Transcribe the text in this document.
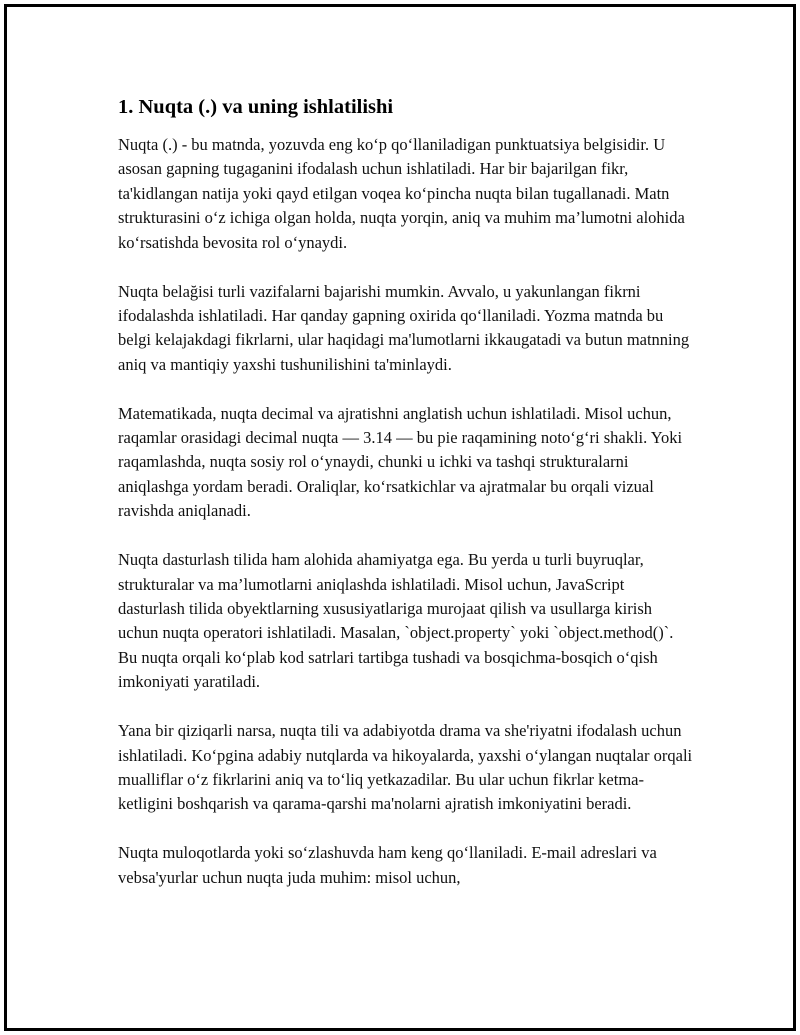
1. Nuqta (.) va uning ishlatilishi

Nuqta (.) - bu matnda, yozuvda eng ko‘p qo‘llaniladigan punktuatsiya belgisidir. U asosan gapning tugaganini ifodalash uchun ishlatiladi. Har bir bajarilgan fikr, ta'kidlangan natija yoki qayd etilgan voqea ko‘pincha nuqta bilan tugallanadi. Matn strukturasini o‘z ichiga olgan holda, nuqta yorqin, aniq va muhim ma’lumotni alohida ko‘rsatishda bevosita rol o‘ynaydi.

Nuqta belağisi turli vazifalarni bajarishi mumkin. Avvalo, u yakunlangan fikrni ifodalashda ishlatiladi. Har qanday gapning oxirida qo‘llaniladi. Yozma matnda bu belgi kelajakdagi fikrlarni, ular haqidagi ma'lumotlarni ikkaugatadi va butun matnning aniq va mantiqiy yaxshi tushunilishini ta'minlaydi.

Matematikada, nuqta decimal va ajratishni anglatish uchun ishlatiladi. Misol uchun, raqamlar orasidagi decimal nuqta — 3.14 — bu pie raqamining noto‘g‘ri shakli. Yoki raqamlashda, nuqta sosiy rol o‘ynaydi, chunki u ichki va tashqi strukturalarni aniqlashga yordam beradi. Oraliqlar, ko‘rsatkichlar va ajratmalar bu orqali vizual ravishda aniqlanadi.

Nuqta dasturlash tilida ham alohida ahamiyatga ega. Bu yerda u turli buyruqlar, strukturalar va ma’lumotlarni aniqlashda ishlatiladi. Misol uchun, JavaScript dasturlash tilida obyektlarning xususiyatlariga murojaat qilish va usullarga kirish uchun nuqta operatori ishlatiladi. Masalan, `object.property` yoki `object.method()`. Bu nuqta orqali ko‘plab kod satrlari tartibga tushadi va bosqichma-bosqich o‘qish imkoniyati yaratiladi.

Yana bir qiziqarli narsa, nuqta tili va adabiyotda drama va she'riyatni ifodalash uchun ishlatiladi. Ko‘pgina adabiy nutqlarda va hikoyalarda, yaxshi o‘ylangan nuqtalar orqali mualliflar o‘z fikrlarini aniq va to‘liq yetkazadilar. Bu ular uchun fikrlar ketma-ketligini boshqarish va qarama-qarshi ma'nolarni ajratish imkoniyatini beradi.

Nuqta muloqotlarda yoki so‘zlashuvda ham keng qo‘llaniladi. E-mail adreslari va vebsa'yurlar uchun nuqta juda muhim: misol uchun,
